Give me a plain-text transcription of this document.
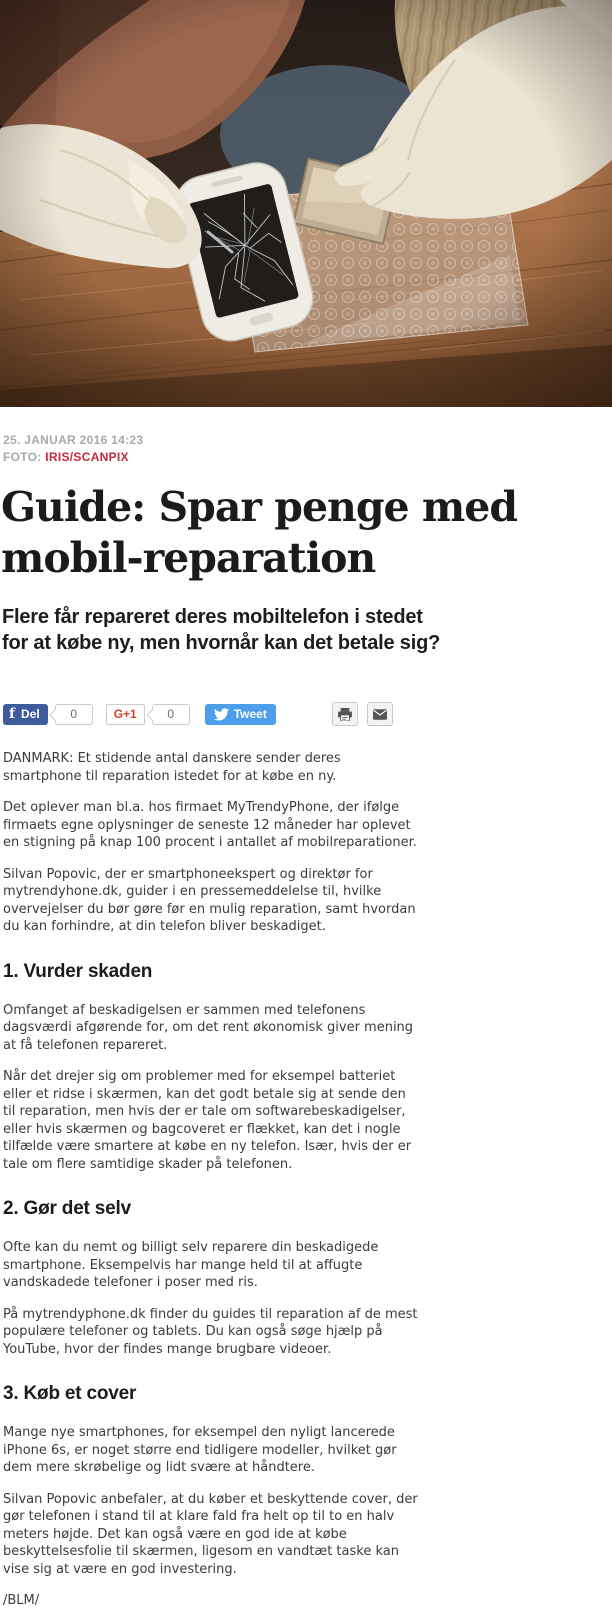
25. JANUAR 2016 14:23
FOTO: IRIS/SCANPIX
Guide: Spar penge med mobil-reparation
Flere får repareret deres mobiltelefon i stedet for at købe ny, men hvornår kan det betale sig?
f Del	0	G+1	0	Tweet

DANMARK: Et stidende antal danskere sender deres smartphone til reparation istedet for at købe en ny.

Det oplever man bl.a. hos firmaet MyTrendyPhone, der ifølge firmaets egne oplysninger de seneste 12 måneder har oplevet en stigning på knap 100 procent i antallet af mobilreparationer.

Silvan Popovic, der er smartphoneekspert og direktør for mytrendyhone.dk, guider i en pressemeddelelse til, hvilke overvejelser du bør gøre før en mulig reparation, samt hvordan du kan forhindre, at din telefon bliver beskadiget.

1. Vurder skaden

Omfanget af beskadigelsen er sammen med telefonens dagsværdi afgørende for, om det rent økonomisk giver mening at få telefonen repareret.

Når det drejer sig om problemer med for eksempel batteriet eller et ridse i skærmen, kan det godt betale sig at sende den til reparation, men hvis der er tale om softwarebeskadigelser, eller hvis skærmen og bagcoveret er flækket, kan det i nogle tilfælde være smartere at købe en ny telefon. Især, hvis der er tale om flere samtidige skader på telefonen.

2. Gør det selv

Ofte kan du nemt og billigt selv reparere din beskadigede smartphone. Eksempelvis har mange held til at affugte vandskadede telefoner i poser med ris.

På mytrendyphone.dk finder du guides til reparation af de mest populære telefoner og tablets. Du kan også søge hjælp på YouTube, hvor der findes mange brugbare videoer.

3. Køb et cover

Mange nye smartphones, for eksempel den nyligt lancerede iPhone 6s, er noget større end tidligere modeller, hvilket gør dem mere skrøbelige og lidt svære at håndtere.

Silvan Popovic anbefaler, at du køber et beskyttende cover, der gør telefonen i stand til at klare fald fra helt op til to en halv meters højde. Det kan også være en god ide at købe beskyttelsesfolie til skærmen, ligesom en vandtæt taske kan vise sig at være en god investering.

/BLM/
